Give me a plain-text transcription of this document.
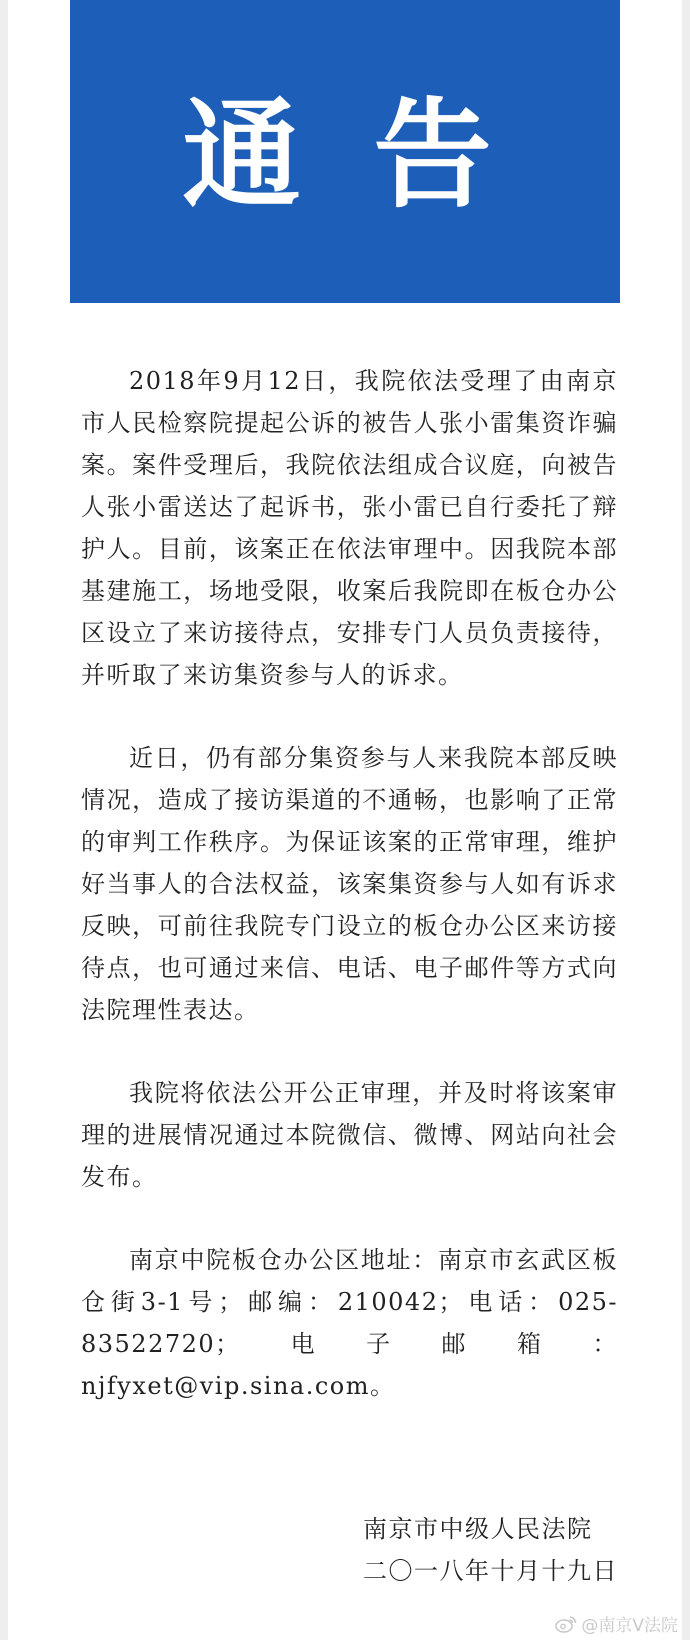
通 告

2018年9月12日，我院依法受理了由南京市人民检察院提起公诉的被告人张小雷集资诈骗案。案件受理后，我院依法组成合议庭，向被告人张小雷送达了起诉书，张小雷已自行委托了辩护人。目前，该案正在依法审理中。因我院本部基建施工，场地受限，收案后我院即在板仓办公区设立了来访接待点，安排专门人员负责接待，并听取了来访集资参与人的诉求。

近日，仍有部分集资参与人来我院本部反映情况，造成了接访渠道的不通畅，也影响了正常的审判工作秩序。为保证该案的正常审理，维护好当事人的合法权益，该案集资参与人如有诉求反映，可前往我院专门设立的板仓办公区来访接待点，也可通过来信、电话、电子邮件等方式向法院理性表达。

我院将依法公开公正审理，并及时将该案审理的进展情况通过本院微信、微博、网站向社会发布。

南京中院板仓办公区地址：南京市玄武区板仓街3-1号；邮编：210042；电话：025-83522720；电子邮箱：njfyxet@vip.sina.com。

南京市中级人民法院
二〇一八年十月十九日
@南京V法院
